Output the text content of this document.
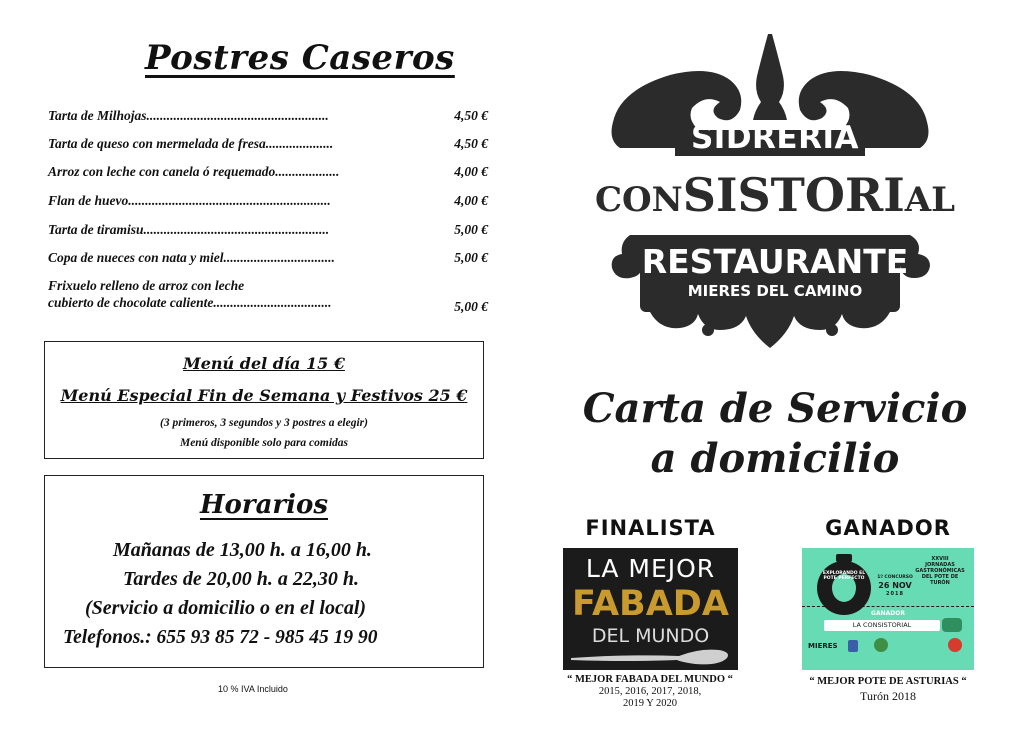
Postres Caseros
Tarta de Milhojas......................................................	4,50 €
Tarta de queso con mermelada de fresa....................	4,50 €
Arroz con leche con canela ó requemado...................	4,00 €
Flan de huevo............................................................	4,00 €
Tarta de tiramisu.......................................................	5,00 €
Copa de nueces con nata y miel.................................	5,00 €
Frixuelo relleno de arroz con leche
cubierto de chocolate caliente...................................	5,00 €
Menú del día 15 €
Menú Especial Fin de Semana y Festivos 25 €
(3 primeros, 3 segundos y 3 postres a elegir)
Menú disponible solo para comidas
Horarios
Mañanas de 13,00 h. a 16,00 h.
Tardes de 20,00 h. a 22,30 h.
(Servicio a domicilio o en el local)
Telefonos.: 655 93 85 72 - 985 45 19 90
10 % IVA Incluido
SIDRERÍA
CONSISTORIAL
RESTAURANTE
MIERES DEL CAMINO
Carta de Servicio
a domicilio
FINALISTA
LA MEJOR
FABADA
DEL MUNDO
“ MEJOR FABADA DEL MUNDO “
2015, 2016, 2017, 2018,
2019 Y 2020
GANADOR
EXPLORANDO EL POTE PERFECTO
XXVIII
JORNADAS
GASTRONÓMICAS
DEL POTE DE
TURÓN
1º CONCURSO
26 NOV
2018
GANADOR
LA CONSISTORIAL
MIERES
“ MEJOR POTE DE ASTURIAS “
Turón 2018
